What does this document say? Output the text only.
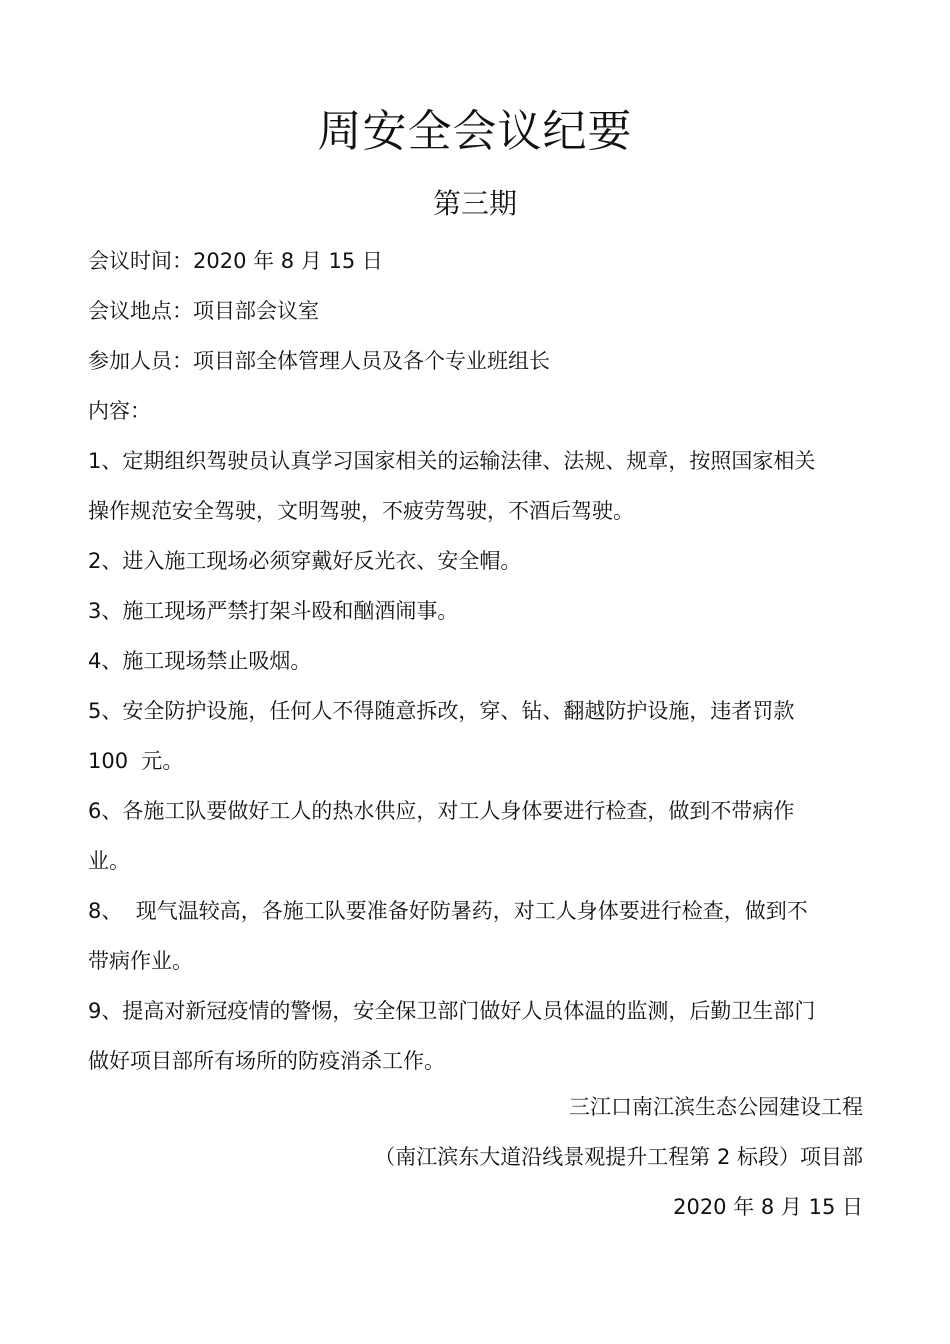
周安全会议纪要
第三期
会议时间：2020 年 8 月 15 日
会议地点：项目部会议室
参加人员：项目部全体管理人员及各个专业班组长
内容：
1、定期组织驾驶员认真学习国家相关的运输法律、法规、规章，按照国家相关
操作规范安全驾驶，文明驾驶，不疲劳驾驶，不酒后驾驶。
2、进入施工现场必须穿戴好反光衣、安全帽。
3、施工现场严禁打架斗殴和酗酒闹事。
4、施工现场禁止吸烟。
5、安全防护设施，任何人不得随意拆改，穿、钻、翻越防护设施，违者罚款
100  元。
6、各施工队要做好工人的热水供应，对工人身体要进行检查，做到不带病作
业。
8、  现气温较高，各施工队要准备好防暑药，对工人身体要进行检查，做到不
带病作业。
9、提高对新冠疫情的警惕，安全保卫部门做好人员体温的监测，后勤卫生部门
做好项目部所有场所的防疫消杀工作。
三江口南江滨生态公园建设工程
（南江滨东大道沿线景观提升工程第 2 标段）项目部
2020 年 8 月 15 日
